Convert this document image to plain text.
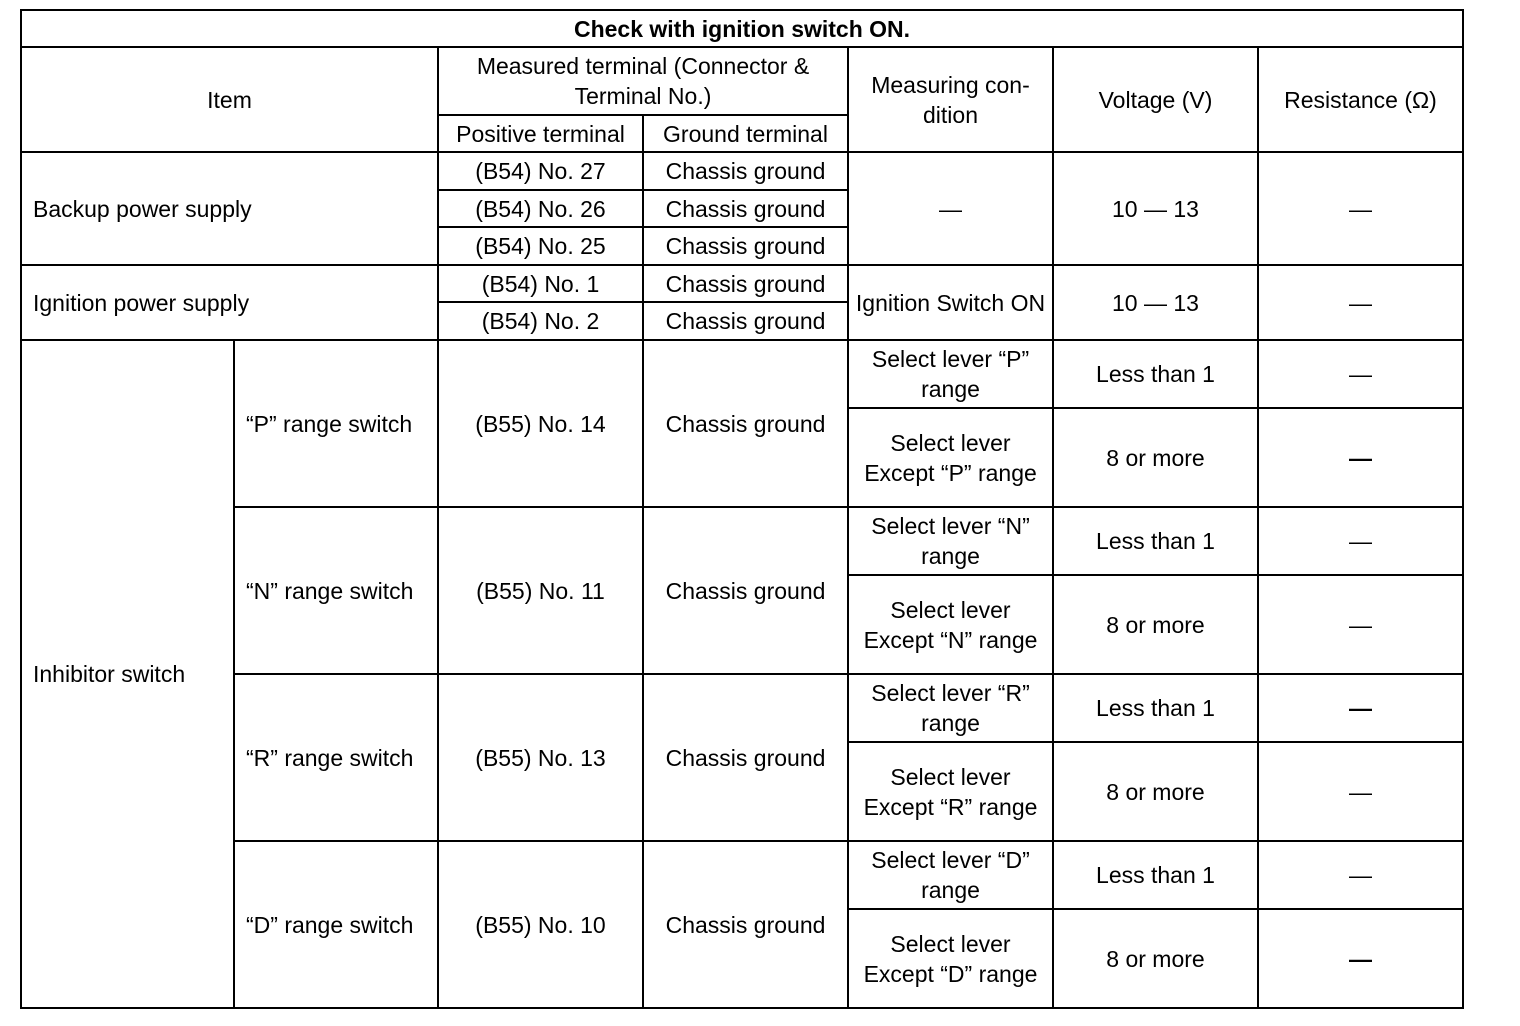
Check with ignition switch ON.						
Item		Measured terminal (Connector & Terminal No.)		Measuring con-dition	Voltage (V)	Resistance (Ω)
		Positive terminal	Ground terminal			
Backup power supply		(B54) No. 27	Chassis ground	—	10 — 13	—
		(B54) No. 26	Chassis ground			
		(B54) No. 25	Chassis ground			
Ignition power supply		(B54) No. 1	Chassis ground	Ignition Switch ON	10 — 13	—
		(B54) No. 2	Chassis ground			
Inhibitor switch	“P” range switch	(B55) No. 14	Chassis ground	Select lever “P” range	Less than 1	—
				Select lever Except “P” range	8 or more	—
	“N” range switch	(B55) No. 11	Chassis ground	Select lever “N” range	Less than 1	—
				Select lever Except “N” range	8 or more	—
	“R” range switch	(B55) No. 13	Chassis ground	Select lever “R” range	Less than 1	—
				Select lever Except “R” range	8 or more	—
	“D” range switch	(B55) No. 10	Chassis ground	Select lever “D” range	Less than 1	—
				Select lever Except “D” range	8 or more	—
